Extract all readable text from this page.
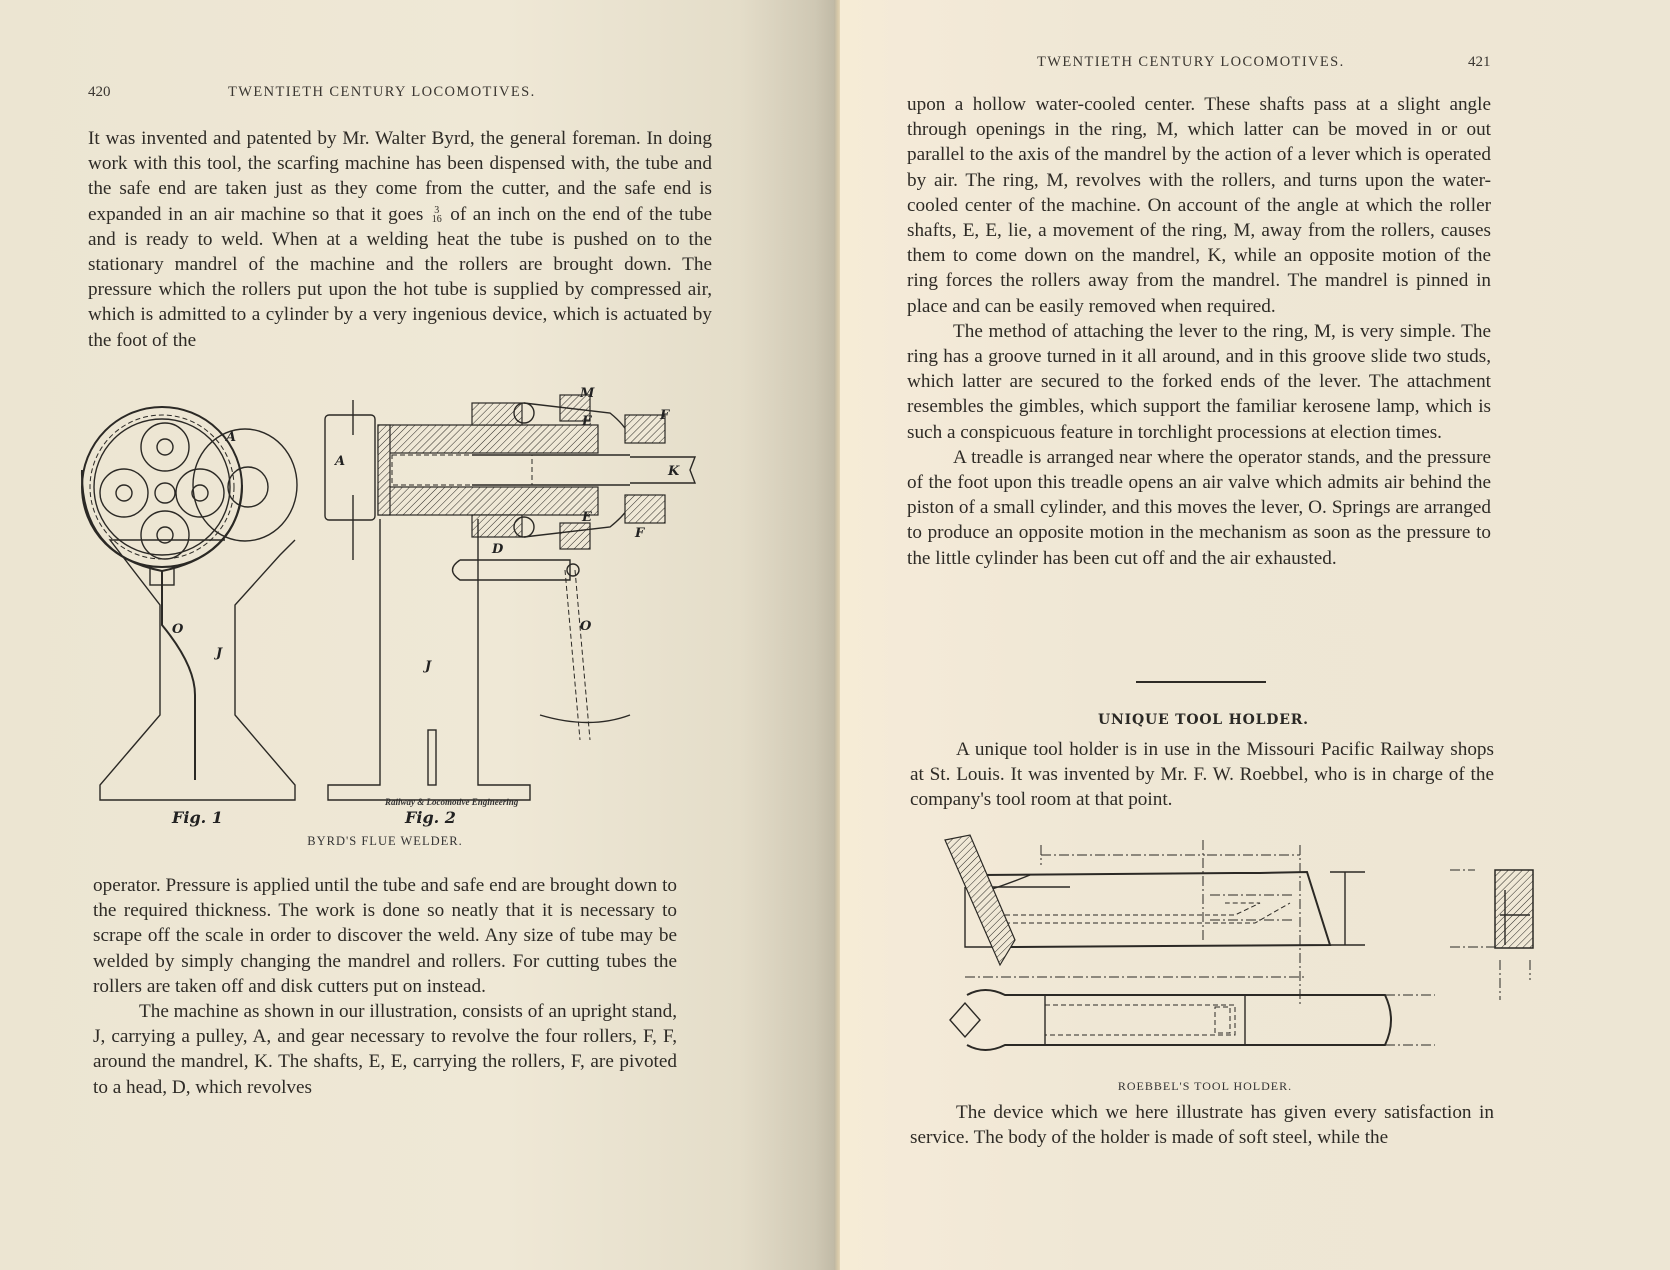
420	TWENTIETH CENTURY LOCOMOTIVES.

It was invented and patented by Mr. Walter Byrd, the general foreman. In doing work with this tool, the scarfing machine has been dispensed with, the tube and the safe end are taken just as they come from the cutter, and the safe end is expanded in an air machine so that it goes 3
16 of an inch on the end of the tube and is ready to weld. When at a welding heat the tube is pushed on to the stationary mandrel of the machine and the rollers are brought down. The pressure which the rollers put upon the hot tube is supplied by compressed air, which is admitted to a cylinder by a very ingenious device, which is actuated by the foot of the

O
J
A
A
M
E
E
F
F
K
D
J
O
Fig. 1
Railway & Locomotive Engineering
Fig. 2
BYRD'S FLUE WELDER.

operator. Pressure is applied until the tube and safe end are brought down to the required thickness. The work is done so neatly that it is necessary to scrape off the scale in order to discover the weld. Any size of tube may be welded by simply changing the mandrel and rollers. For cutting tubes the rollers are taken off and disk cutters put on instead.

The machine as shown in our illustration, consists of an upright stand, J, carrying a pulley, A, and gear necessary to revolve the four rollers, F, F, around the mandrel, K. The shafts, E, E, carrying the rollers, F, are pivoted to a head, D, which revolves

TWENTIETH CENTURY LOCOMOTIVES.	421

upon a hollow water-cooled center. These shafts pass at a slight angle through openings in the ring, M, which latter can be moved in or out parallel to the axis of the mandrel by the action of a lever which is operated by air. The ring, M, revolves with the rollers, and turns upon the water-cooled center of the machine. On account of the angle at which the roller shafts, E, E, lie, a movement of the ring, M, away from the rollers, causes them to come down on the mandrel, K, while an opposite motion of the ring forces the rollers away from the mandrel. The mandrel is pinned in place and can be easily removed when required.

The method of attaching the lever to the ring, M, is very simple. The ring has a groove turned in it all around, and in this groove slide two studs, which latter are secured to the forked ends of the lever. The attachment resembles the gimbles, which support the familiar kerosene lamp, which is such a conspicuous feature in torchlight processions at election times.

A treadle is arranged near where the operator stands, and the pressure of the foot upon this treadle opens an air valve which admits air behind the piston of a small cylinder, and this moves the lever, O. Springs are arranged to produce an opposite motion in the mechanism as soon as the pressure to the little cylinder has been cut off and the air exhausted.

UNIQUE TOOL HOLDER.

A unique tool holder is in use in the Missouri Pacific Railway shops at St. Louis. It was invented by Mr. F. W. Roebbel, who is in charge of the company's tool room at that point.

ROEBBEL'S TOOL HOLDER.

The device which we here illustrate has given every satisfaction in service. The body of the holder is made of soft steel, while the
